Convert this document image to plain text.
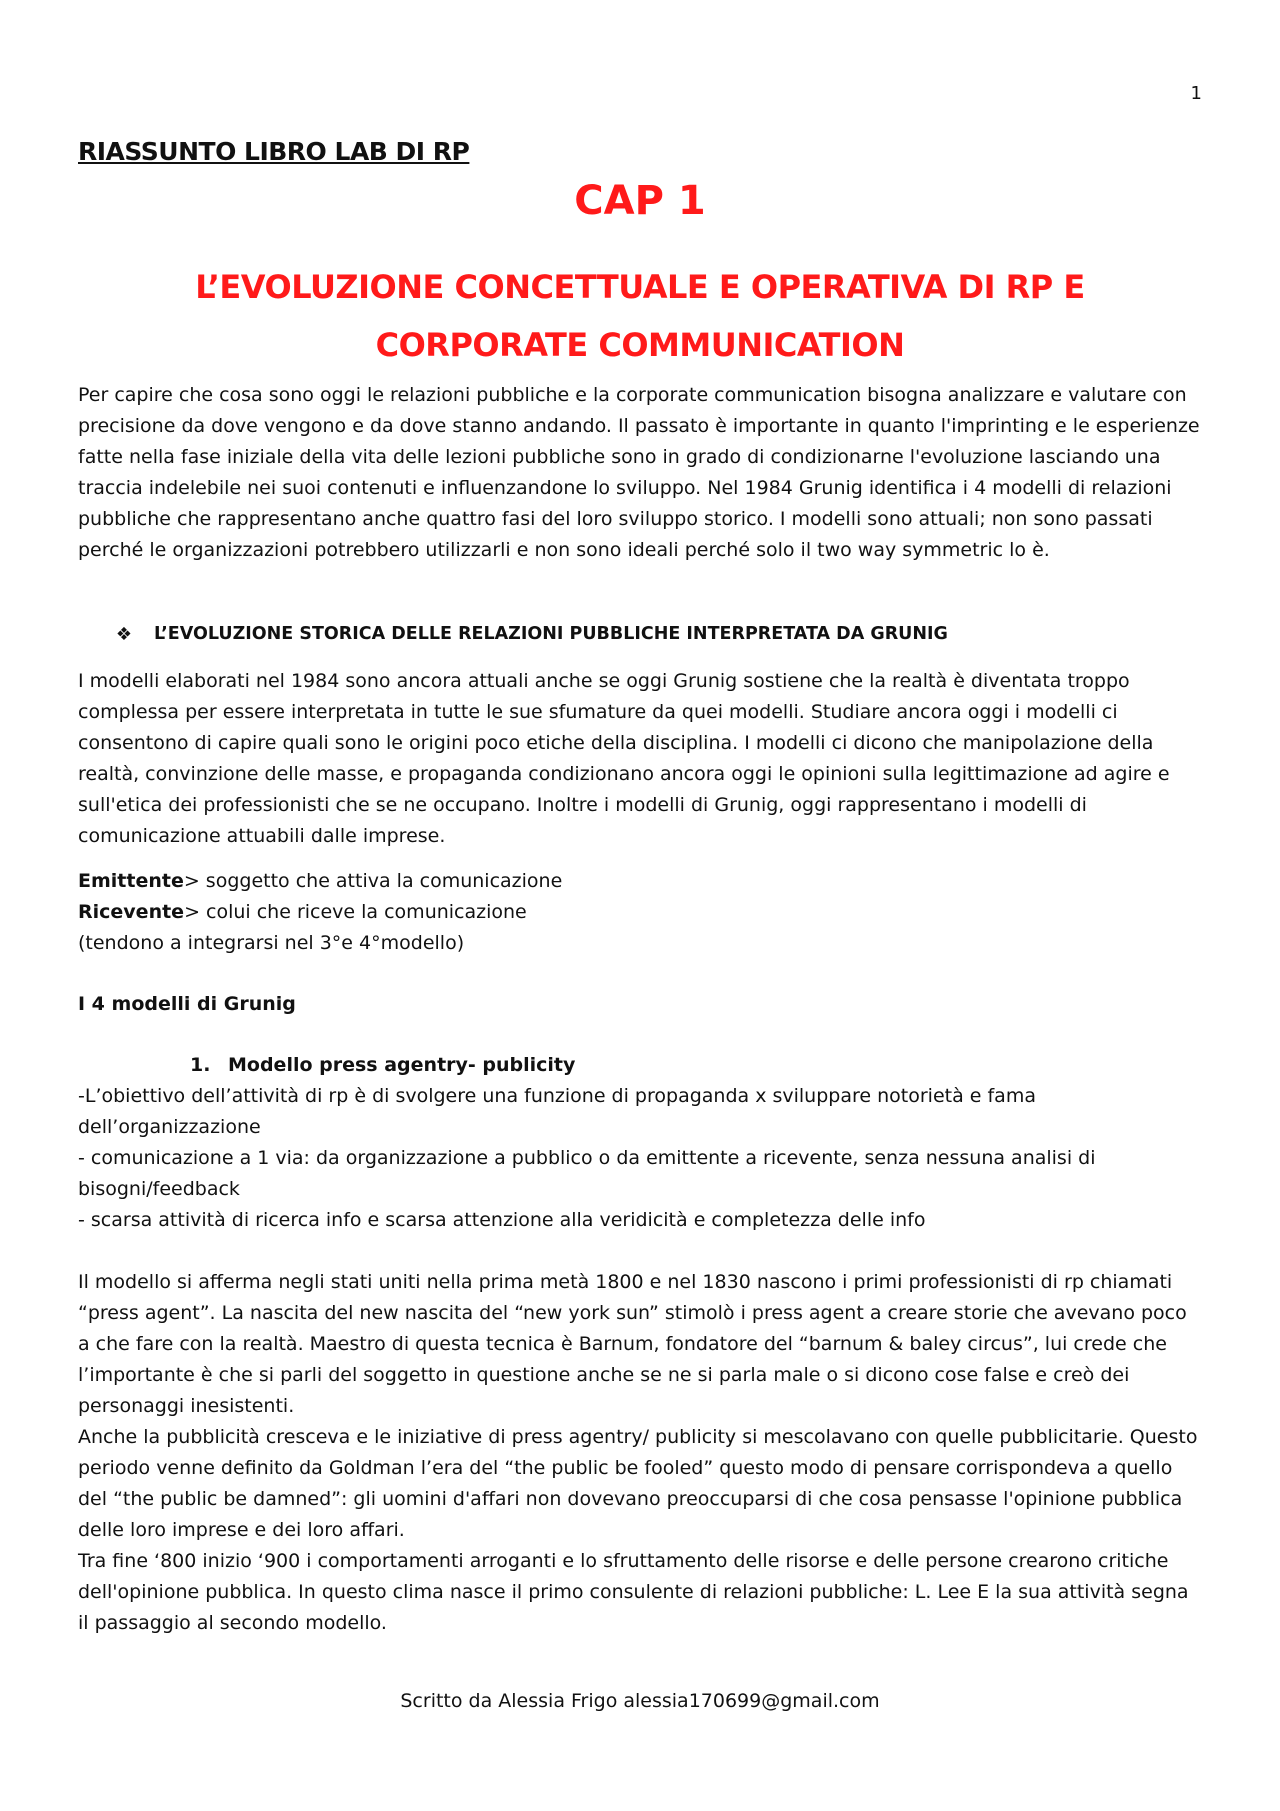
1
RIASSUNTO LIBRO LAB DI RP
CAP 1
L’EVOLUZIONE CONCETTUALE E OPERATIVA DI RP E CORPORATE COMMUNICATION

Per capire che cosa sono oggi le relazioni pubbliche e la corporate communication bisogna analizzare e valutare con precisione da dove vengono e da dove stanno andando. Il passato è importante in quanto l'imprinting e le esperienze fatte nella fase iniziale della vita delle lezioni pubbliche sono in grado di condizionarne l'evoluzione lasciando una traccia indelebile nei suoi contenuti e influenzandone lo sviluppo. Nel 1984 Grunig identifica i 4 modelli di relazioni pubbliche che rappresentano anche quattro fasi del loro sviluppo storico. I modelli sono attuali; non sono passati perché le organizzazioni potrebbero utilizzarli e non sono ideali perché solo il two way symmetric lo è.

❖	L’EVOLUZIONE STORICA DELLE RELAZIONI PUBBLICHE INTERPRETATA DA GRUNIG

I modelli elaborati nel 1984 sono ancora attuali anche se oggi Grunig sostiene che la realtà è diventata troppo complessa per essere interpretata in tutte le sue sfumature da quei modelli. Studiare ancora oggi i modelli ci consentono di capire quali sono le origini poco etiche della disciplina. I modelli ci dicono che manipolazione della realtà, convinzione delle masse, e propaganda condizionano ancora oggi le opinioni sulla legittimazione ad agire e sull'etica dei professionisti che se ne occupano. Inoltre i modelli di Grunig, oggi rappresentano i modelli di comunicazione attuabili dalle imprese.

Emittente> soggetto che attiva la comunicazione
Ricevente> colui che riceve la comunicazione
(tendono a integrarsi nel 3°e 4°modello)
I 4 modelli di Grunig
1. Modello press agentry- publicity
-L’obiettivo dell’attività di rp è di svolgere una funzione di propaganda x sviluppare notorietà e fama dell’organizzazione
- comunicazione a 1 via: da organizzazione a pubblico o da emittente a ricevente, senza nessuna analisi di bisogni/feedback
- scarsa attività di ricerca info e scarsa attenzione alla veridicità e completezza delle info

Il modello si afferma negli stati uniti nella prima metà 1800 e nel 1830 nascono i primi professionisti di rp chiamati “press agent”. La nascita del new nascita del “new york sun” stimolò i press agent a creare storie che avevano poco a che fare con la realtà. Maestro di questa tecnica è Barnum, fondatore del “barnum & baley circus”, lui crede che l’importante è che si parli del soggetto in questione anche se ne si parla male o si dicono cose false e creò dei personaggi inesistenti.

Anche la pubblicità cresceva e le iniziative di press agentry/ publicity si mescolavano con quelle pubblicitarie. Questo periodo venne definito da Goldman l’era del “the public be fooled” questo modo di pensare corrispondeva a quello del “the public be damned”: gli uomini d'affari non dovevano preoccuparsi di che cosa pensasse l'opinione pubblica delle loro imprese e dei loro affari.

Tra fine ‘800 inizio ‘900 i comportamenti arroganti e lo sfruttamento delle risorse e delle persone crearono critiche dell'opinione pubblica. In questo clima nasce il primo consulente di relazioni pubbliche: L. Lee E la sua attività segna il passaggio al secondo modello.

Scritto da Alessia Frigo alessia170699@gmail.com
